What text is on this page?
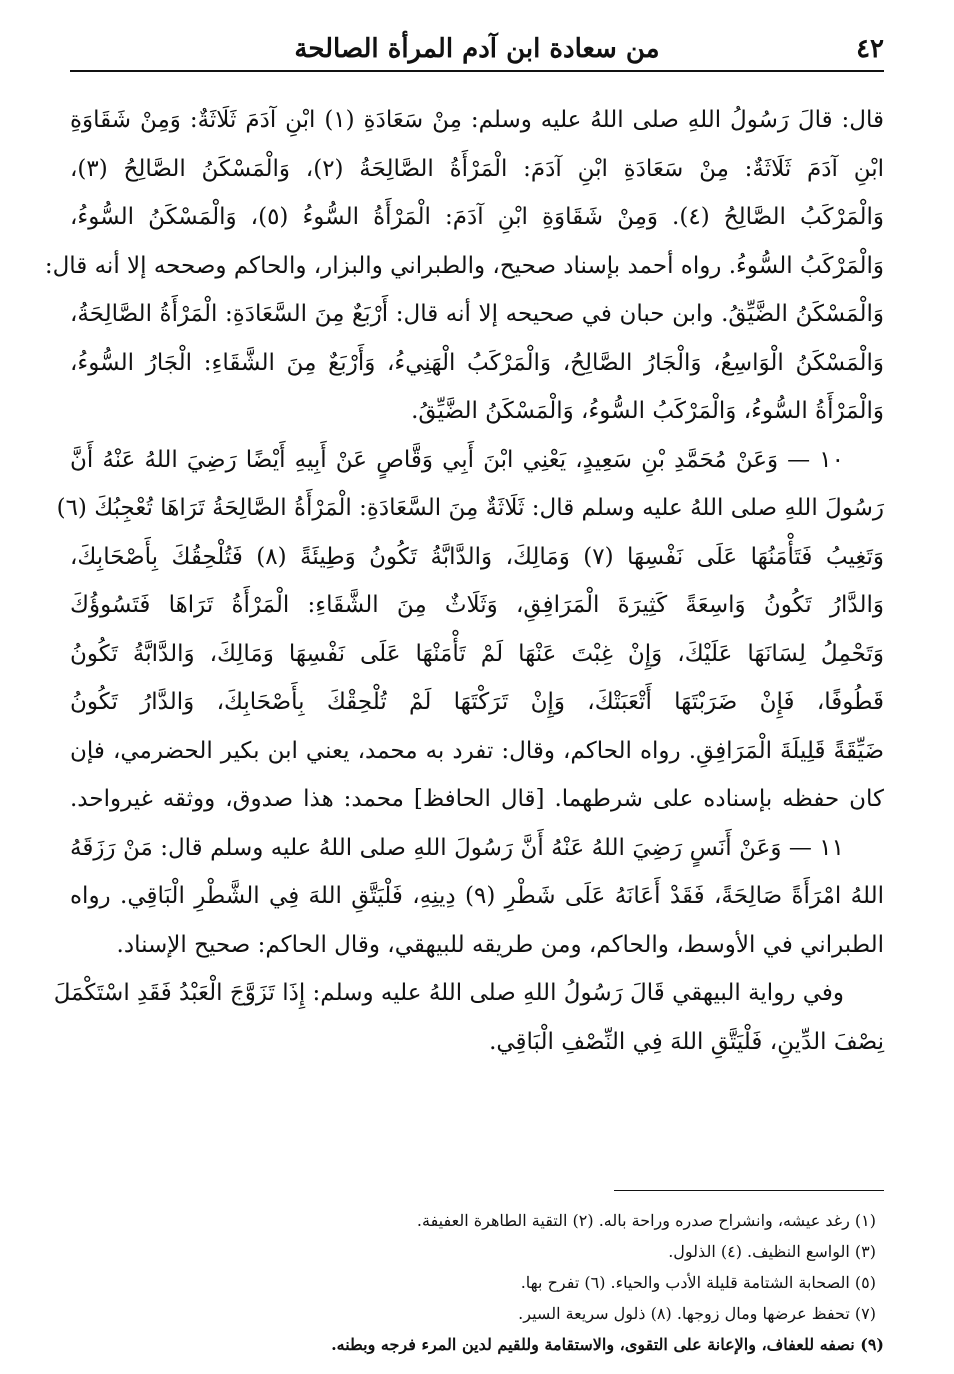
٤٢
من سعادة ابن آدم المرأة الصالحة
قال: قالَ رَسُولُ اللهِ صلى اللهُ عليه وسلم: مِنْ سَعَادَةِ (١) ابْنِ آدَمَ ثَلَاثَةٌ: وَمِنْ شَقَاوَةِ
ابْنِ آدَمَ ثَلَاثَةٌ: مِنْ سَعَادَةِ ابْنِ آدَمَ: الْمَرْأَةُ الصَّالِحَةُ (٢)، وَالْمَسْكَنُ الصَّالِحُ (٣)،
وَالْمَرْكَبُ الصَّالِحُ (٤). وَمِنْ شَقَاوَةِ ابْنِ آدَمَ: الْمَرْأَةُ السُّوءُ (٥)، وَالْمَسْكَنُ السُّوءُ،
وَالْمَرْكَبُ السُّوءُ. رواه أحمد بإسناد صحيح، والطبراني والبزار، والحاكم وصححه إلا أنه قال:
وَالْمَسْكَنُ الضَّيِّقُ. وابن حبان في صحيحه إلا أنه قال: أَرْبَعٌ مِنَ السَّعَادَةِ: الْمَرْأَةُ الصَّالِحَةُ،
وَالْمَسْكَنُ الْوَاسِعُ، وَالْجَارُ الصَّالِحُ، وَالْمَرْكَبُ الْهَنِيءُ، وَأَرْبَعٌ مِنَ الشَّقَاءِ: الْجَارُ السُّوءُ،
وَالْمَرْأَةُ السُّوءُ، وَالْمَرْكَبُ السُّوءُ، وَالْمَسْكَنُ الضَّيِّقُ.
١٠ — وَعَنْ مُحَمَّدِ بْنِ سَعِيدٍ، يَعْنِي ابْنَ أَبِي وَقَّاصٍ عَنْ أَبِيهِ أَيْضًا رَضِيَ اللهُ عَنْهُ أَنَّ
رَسُولَ اللهِ صلى اللهُ عليه وسلم قال: ثَلَاثَةٌ مِنَ السَّعَادَةِ: الْمَرْأَةُ الصَّالِحَةُ تَرَاهَا تُعْجِبُكَ (٦)
وَتَغِيبُ فَتَأْمَنُهَا عَلَى نَفْسِهَا (٧) وَمَالِكَ، وَالدَّابَّةُ تَكُونُ وَطِيئَةً (٨) فَتُلْحِقُكَ بِأَصْحَابِكَ،
وَالدَّارُ تَكُونُ وَاسِعَةً كَثِيرَةَ الْمَرَافِقِ، وَثَلَاثٌ مِنَ الشَّقَاءِ: الْمَرْأَةُ تَرَاهَا فَتَسُوؤُكَ
وَتَحْمِلُ لِسَانَهَا عَلَيْكَ، وَإِنْ غِبْتَ عَنْهَا لَمْ تَأْمَنْهَا عَلَى نَفْسِهَا وَمَالِكَ، وَالدَّابَّةُ تَكُونُ
قَطُوفًا، فَإِنْ ضَرَبْتَهَا أَتْعَبَتْكَ، وَإِنْ تَرَكْتَهَا لَمْ تُلْحِقْكَ بِأَصْحَابِكَ، وَالدَّارُ تَكُونُ
ضَيِّقَةً قَلِيلَةَ الْمَرَافِقِ. رواه الحاكم، وقال: تفرد به محمد، يعني ابن بكير الحضرمي، فإن
كان حفظه بإسناده على شرطهما. [قال الحافظ] محمد: هذا صدوق، ووثقه غيرواحد.
١١ — وَعَنْ أَنَسٍ رَضِيَ اللهُ عَنْهُ أَنَّ رَسُولَ اللهِ صلى اللهُ عليه وسلم قال: مَنْ رَزَقَهُ
اللهُ امْرَأَةً صَالِحَةً، فَقَدْ أَعَانَهُ عَلَى شَطْرِ (٩) دِينِهِ، فَلْيَتَّقِ اللهَ فِي الشَّطْرِ الْبَاقِي. رواه
الطبراني في الأوسط، والحاكم، ومن طريقه للبيهقي، وقال الحاكم: صحيح الإسناد.
وفي رواية البيهقي قَالَ رَسُولُ اللهِ صلى اللهُ عليه وسلم: إِذَا تَزَوَّجَ الْعَبْدُ فَقَدِ اسْتَكْمَلَ
نِصْفَ الدِّينِ، فَلْيَتَّقِ اللهَ فِي النِّصْفِ الْبَاقِي.
(١) رغد عيشه، وانشراح صدره وراحة باله. (٢) التقية الطاهرة العفيفة.
(٣) الواسع النظيف. (٤) الذلول.
(٥) الصحابة الشتامة قليلة الأدب والحياء. (٦) تفرح بها.
(٧) تحفظ عرضها ومال زوجها. (٨) ذلول سريعة السير.
(٩) نصفه للعفاف، والإعانة على التقوى، والاستقامة وللقيم لدين المرء فرجه وبطنه.
